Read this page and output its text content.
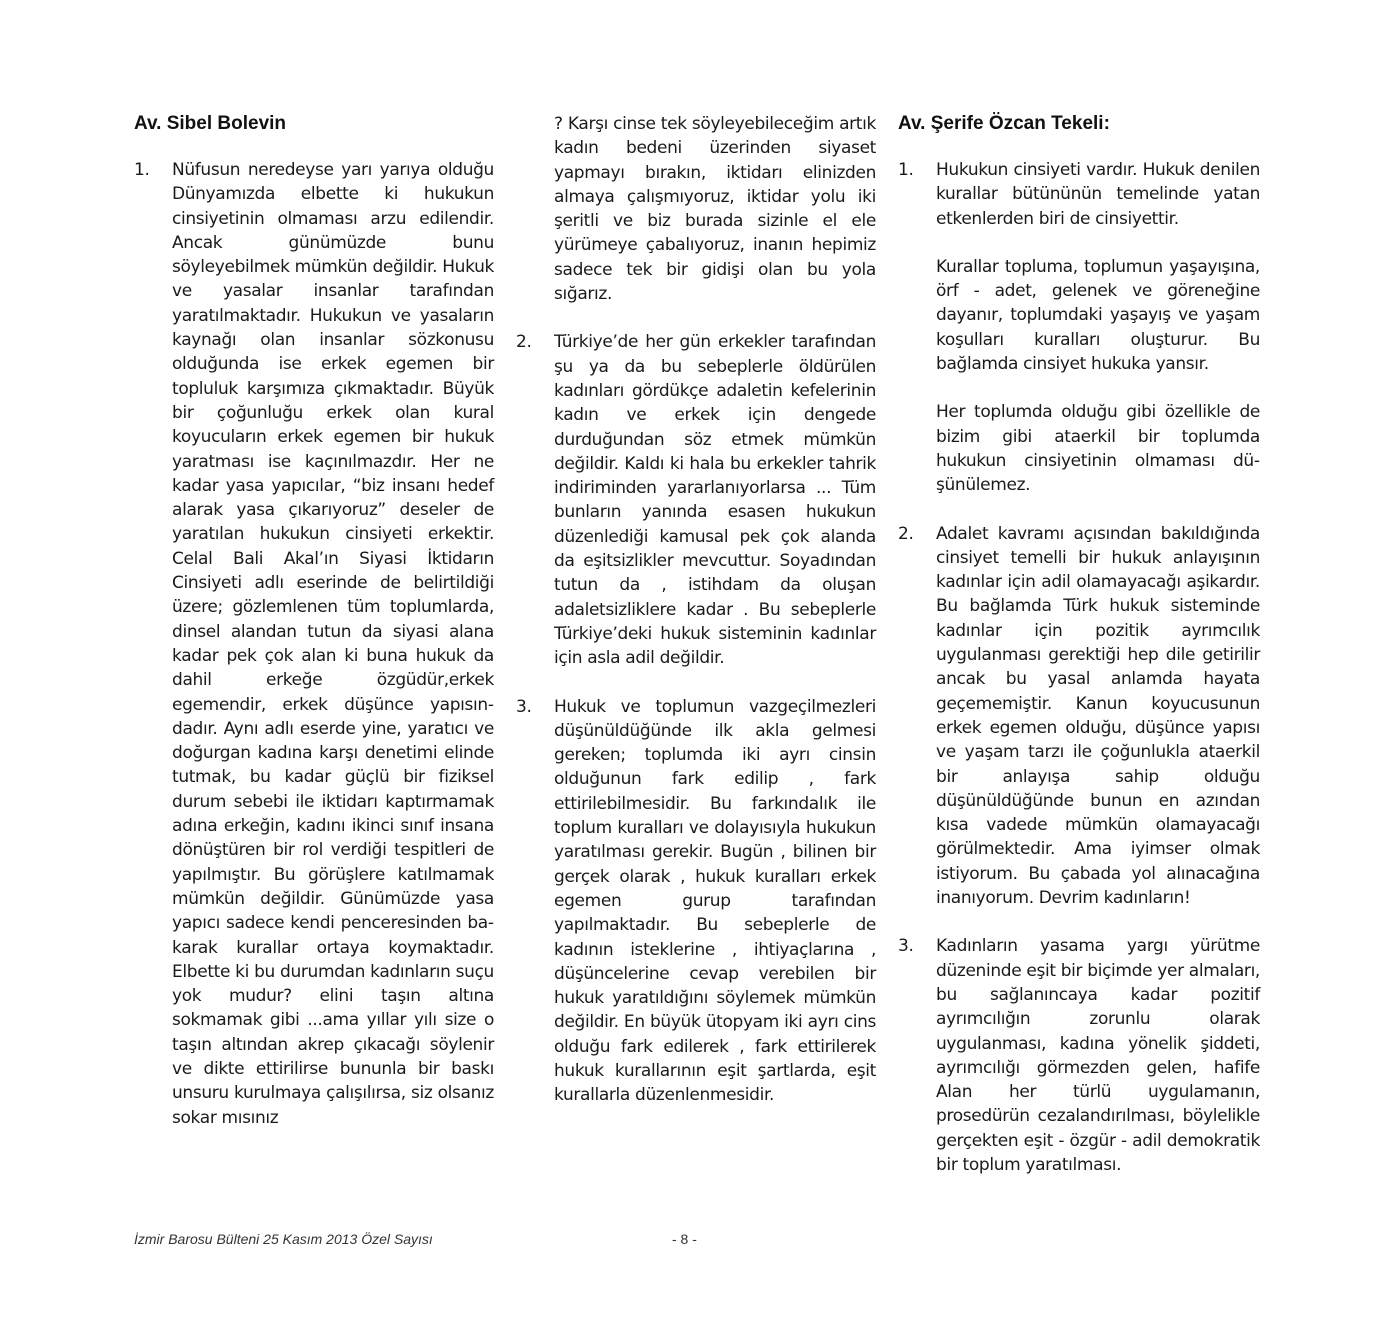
Av. Sibel Bolevin
1.	Nüfusun neredeyse yarı yarıya olduğu Dünyamızda elbette ki hukukun cinsiyetinin olmaması arzu edilendir. Ancak günümüzde bunu söyleyebilmek mümkün değildir. Hukuk ve yasalar insanlar tarafından yaratılmaktadır. Hukukun ve yasaların kaynağı olan insanlar sözkonusu olduğunda ise erkek egemen bir topluluk karşımıza çıkmaktadır. Büyük bir çoğunluğu erkek olan kural koyucuların erkek egemen bir hukuk yaratması ise kaçınılmazdır. Her ne kadar yasa yapıcılar, “biz insanı hedef alarak yasa çıkarıyoruz” deseler de yaratılan hukukun cinsiyeti erkektir. Celal Bali Akal’ın Siyasi İktidarın Cinsiyeti adlı eserinde de belirtildiği üzere; gözlemlenen tüm toplumlarda, dinsel alandan tutun da siyasi alana kadar pek çok alan ki buna hukuk da dahil erkeğe özgüdür,erkek egemendir, erkek düşünce yapısındadır. Aynı adlı eserde yine, yaratıcı ve doğurgan kadına karşı denetimi elinde tutmak, bu kadar güçlü bir fiziksel durum sebebi ile iktidarı kaptırmamak adına erkeğin, kadını ikinci sınıf insana dönüştüren bir rol verdiği tespitleri de yapılmıştır. Bu görüşlere katılmamak mümkün değildir. Günümüzde yasa yapıcı sadece kendi penceresinden bakarak kurallar ortaya koymaktadır. Elbette ki bu durumdan kadınların suçu yok mudur? elini taşın altına sokmamak gibi ...ama yıllar yılı size o taşın altından akrep çıkacağı söylenir ve dikte ettirilirse bununla bir baskı unsuru kurulmaya çalışılırsa, siz olsanız sokar mısınız

? Karşı cinse tek söyleyebileceğim artık kadın bedeni üzerinden siyaset yapmayı bırakın, iktidarı elinizden almaya çalışmıyoruz, iktidar yolu iki şeritli ve biz burada sizinle el ele yürümeye çabalıyoruz, inanın hepimiz sadece tek bir gidişi olan bu yola sığarız.

2.	Türkiye’de her gün erkekler tarafından şu ya da bu sebeplerle öldürülen kadınları gördükçe adaletin kefelerinin kadın ve erkek için dengede durduğundan söz etmek mümkün değildir. Kaldı ki hala bu erkekler tahrik indiriminden yararlanıyorlarsa ... Tüm bunların yanında esasen hukukun düzenlediği kamusal pek çok alanda da eşitsizlikler mevcuttur. Soyadından tutun da , istihdam da oluşan adaletsizliklere kadar . Bu sebeplerle Türkiye’deki hukuk sisteminin kadınlar için asla adil değildir.

3.	Hukuk ve toplumun vazgeçilmezleri düşünüldüğünde ilk akla gelmesi gereken; toplumda iki ayrı cinsin olduğunun fark edilip , fark ettirilebilmesidir. Bu farkındalık ile toplum kuralları ve dolayısıyla hukukun yaratılması gerekir. Bugün , bilinen bir gerçek olarak , hukuk kuralları erkek egemen gurup tarafından yapılmaktadır. Bu sebeplerle de kadının isteklerine , ihtiyaçlarına , düşüncelerine cevap verebilen bir hukuk yaratıldığını söylemek mümkün değildir. En büyük ütopyam iki ayrı cins olduğu fark edilerek , fark ettirilerek hukuk kurallarının eşit şartlarda, eşit kurallarla düzenlenmesidir.

Av. Şerife Özcan Tekeli:
1.	Hukukun cinsiyeti vardır. Hukuk denilen kurallar bütününün temelinde yatan etkenlerden biri de cinsiyettir.

Kurallar topluma, toplumun yaşayışına, örf - adet, gelenek ve göreneğine dayanır, toplumdaki yaşayış ve yaşam koşulları kuralları oluşturur. Bu bağlamda cinsiyet hukuka yansır.

Her toplumda olduğu gibi özellikle de bizim gibi ataerkil bir toplumda hukukun cinsiyetinin olmaması düşünülemez.

2.	Adalet kavramı açısından bakıldığında cinsiyet temelli bir hukuk anlayışının kadınlar için adil olamayacağı aşikardır. Bu bağlamda Türk hukuk sisteminde kadınlar için pozitik ayrımcılık uygulanması gerektiği hep dile getirilir ancak bu yasal anlamda hayata geçememiştir. Kanun koyucusunun erkek egemen olduğu, düşünce yapısı ve yaşam tarzı ile çoğunlukla ataerkil bir anlayışa sahip olduğu düşünüldüğünde bunun en azından kısa vadede mümkün olamayacağı görülmektedir. Ama iyimser olmak istiyorum. Bu çabada yol alınacağına inanıyorum. Devrim kadınların!

3.	Kadınların yasama yargı yürütme düzeninde eşit bir biçimde yer almaları, bu sağlanıncaya kadar pozitif ayrımcılığın zorunlu olarak uygulanması, kadına yönelik şiddeti, ayrımcılığı görmezden gelen, hafife Alan her türlü uygulamanın, prosedürün cezalandırılması, böylelikle gerçekten eşit - özgür - adil demokratik bir toplum yaratılması.

İzmir Barosu Bülteni 25 Kasım 2013 Özel Sayısı	- 8 -
